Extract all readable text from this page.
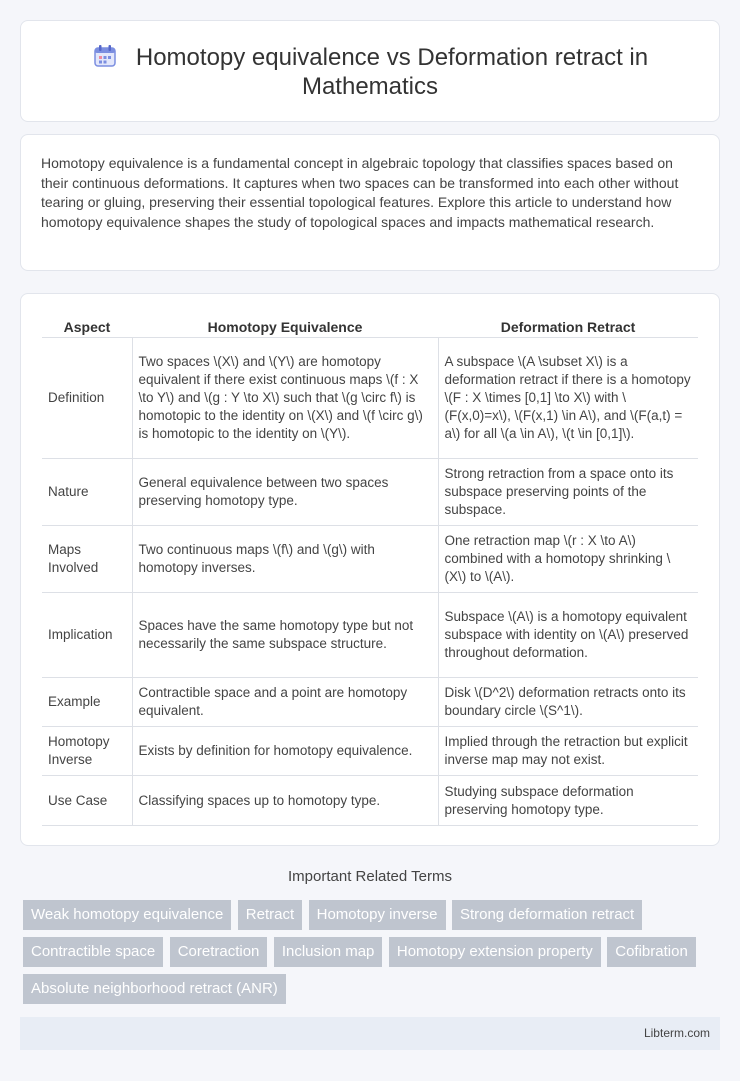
Homotopy equivalence vs Deformation retract in Mathematics

Homotopy equivalence is a fundamental concept in algebraic topology that classifies spaces based on their continuous deformations. It captures when two spaces can be transformed into each other without tearing or gluing, preserving their essential topological features. Explore this article to understand how homotopy equivalence shapes the study of topological spaces and impacts mathematical research.

Aspect	Homotopy Equivalence	Deformation Retract
Definition	Two spaces \(X\) and \(Y\) are homotopy equivalent if there exist continuous maps \(f : X \to Y\) and \(g : Y \to X\) such that \(g \circ f\) is homotopic to the identity on \(X\) and \(f \circ g\) is homotopic to the identity on \(Y\).	A subspace \(A \subset X\) is a deformation retract if there is a homotopy \(F : X \times [0,1] \to X\) with \(F(x,0)=x\), \(F(x,1) \in A\), and \(F(a,t) = a\) for all \(a \in A\), \(t \in [0,1]\).
Nature	General equivalence between two spaces preserving homotopy type.	Strong retraction from a space onto its subspace preserving points of the subspace.
Maps Involved	Two continuous maps \(f\) and \(g\) with homotopy inverses.	One retraction map \(r : X \to A\) combined with a homotopy shrinking \(X\) to \(A\).
Implication	Spaces have the same homotopy type but not necessarily the same subspace structure.	Subspace \(A\) is a homotopy equivalent subspace with identity on \(A\) preserved throughout deformation.
Example	Contractible space and a point are homotopy equivalent.	Disk \(D^2\) deformation retracts onto its boundary circle \(S^1\).
Homotopy Inverse	Exists by definition for homotopy equivalence.	Implied through the retraction but explicit inverse map may not exist.
Use Case	Classifying spaces up to homotopy type.	Studying subspace deformation preserving homotopy type.
Important Related Terms
Weak homotopy equivalence Retract Homotopy inverse Strong deformation retract Contractible space Coretraction Inclusion map Homotopy extension property Cofibration Absolute neighborhood retract (ANR)
Libterm.com
